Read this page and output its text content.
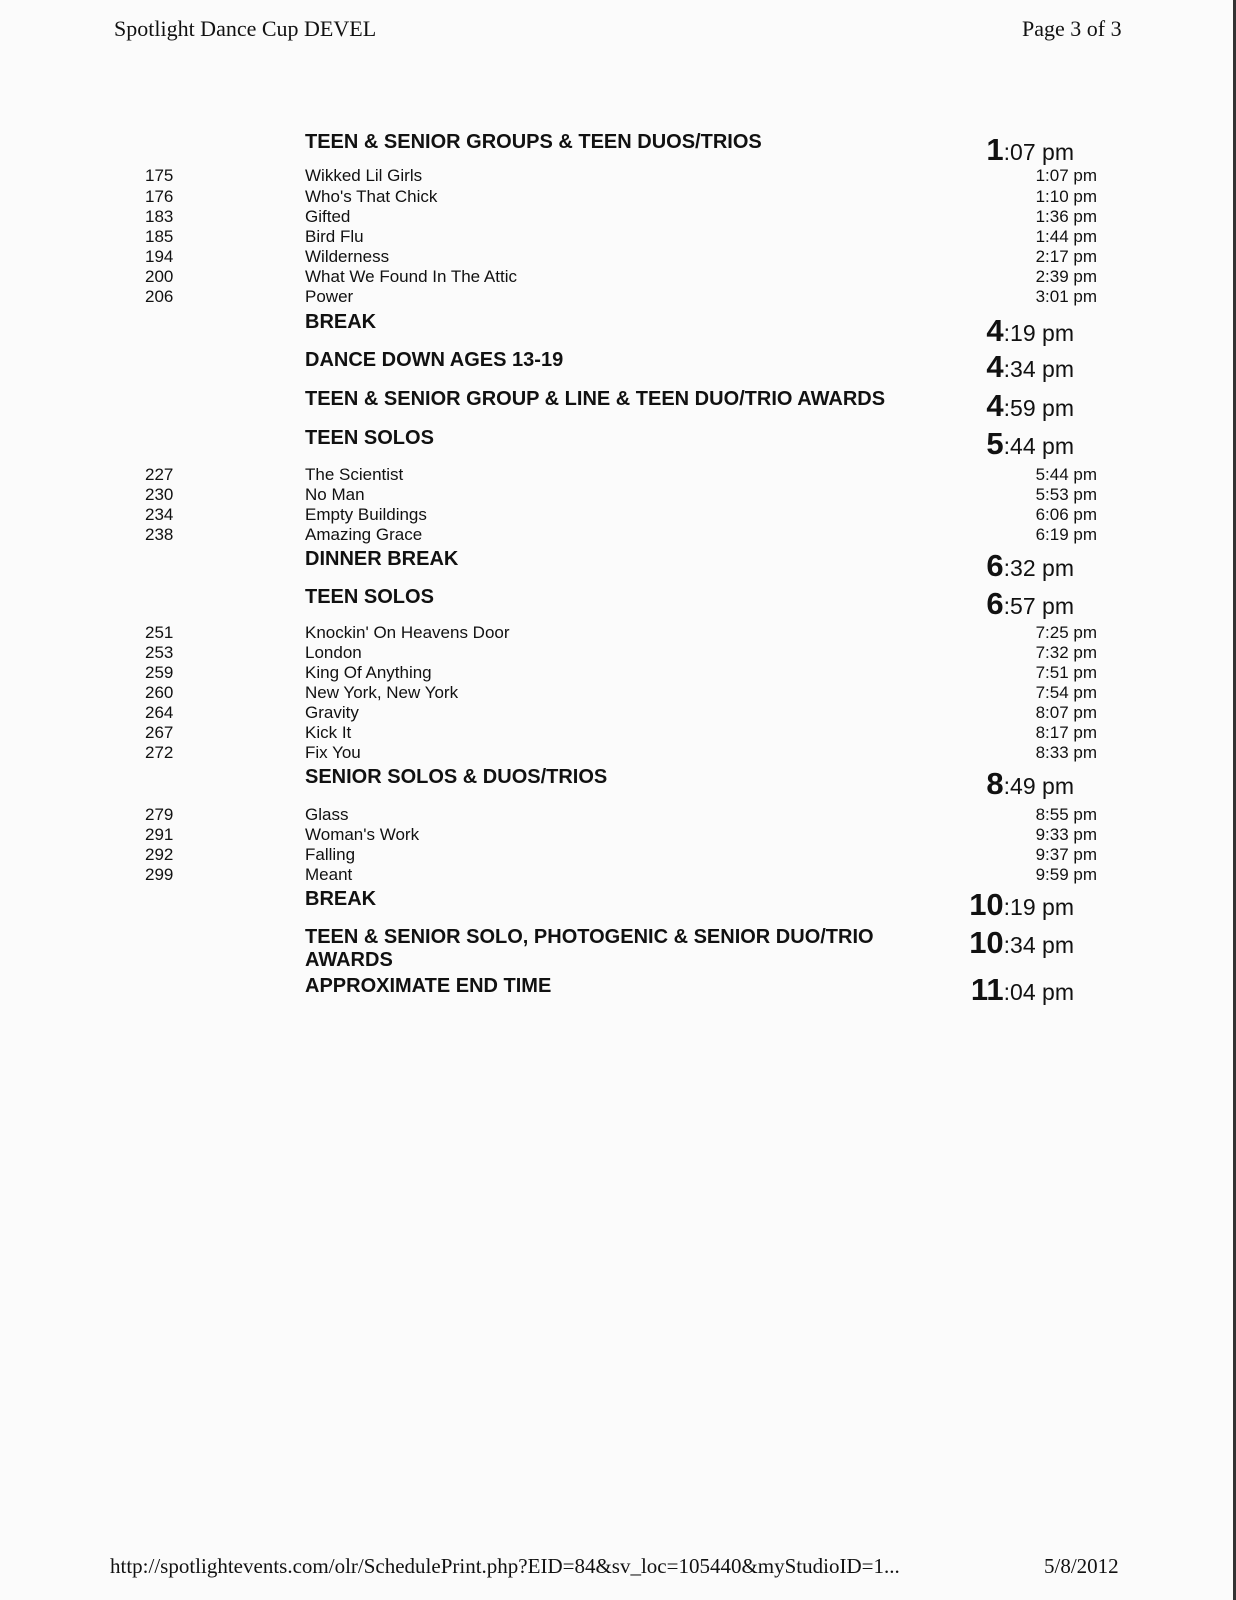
Spotlight Dance Cup DEVEL	Page 3 of 3
TEEN & SENIOR GROUPS & TEEN DUOS/TRIOS	1:07 pm
175	Wikked Lil Girls	1:07 pm
176	Who's That Chick	1:10 pm
183	Gifted	1:36 pm
185	Bird Flu	1:44 pm
194	Wilderness	2:17 pm
200	What We Found In The Attic	2:39 pm
206	Power	3:01 pm
BREAK	4:19 pm
DANCE DOWN AGES 13-19	4:34 pm
TEEN & SENIOR GROUP & LINE & TEEN DUO/TRIO AWARDS	4:59 pm
TEEN SOLOS	5:44 pm
227	The Scientist	5:44 pm
230	No Man	5:53 pm
234	Empty Buildings	6:06 pm
238	Amazing Grace	6:19 pm
DINNER BREAK	6:32 pm
TEEN SOLOS	6:57 pm
251	Knockin' On Heavens Door	7:25 pm
253	London	7:32 pm
259	King Of Anything	7:51 pm
260	New York, New York	7:54 pm
264	Gravity	8:07 pm
267	Kick It	8:17 pm
272	Fix You	8:33 pm
SENIOR SOLOS & DUOS/TRIOS	8:49 pm
279	Glass	8:55 pm
291	Woman's Work	9:33 pm
292	Falling	9:37 pm
299	Meant	9:59 pm
BREAK	10:19 pm
TEEN & SENIOR SOLO, PHOTOGENIC & SENIOR DUO/TRIO AWARDS	10:34 pm
APPROXIMATE END TIME	11:04 pm
http://spotlightevents.com/olr/SchedulePrint.php?EID=84&sv_loc=105440&myStudioID=1...	5/8/2012
